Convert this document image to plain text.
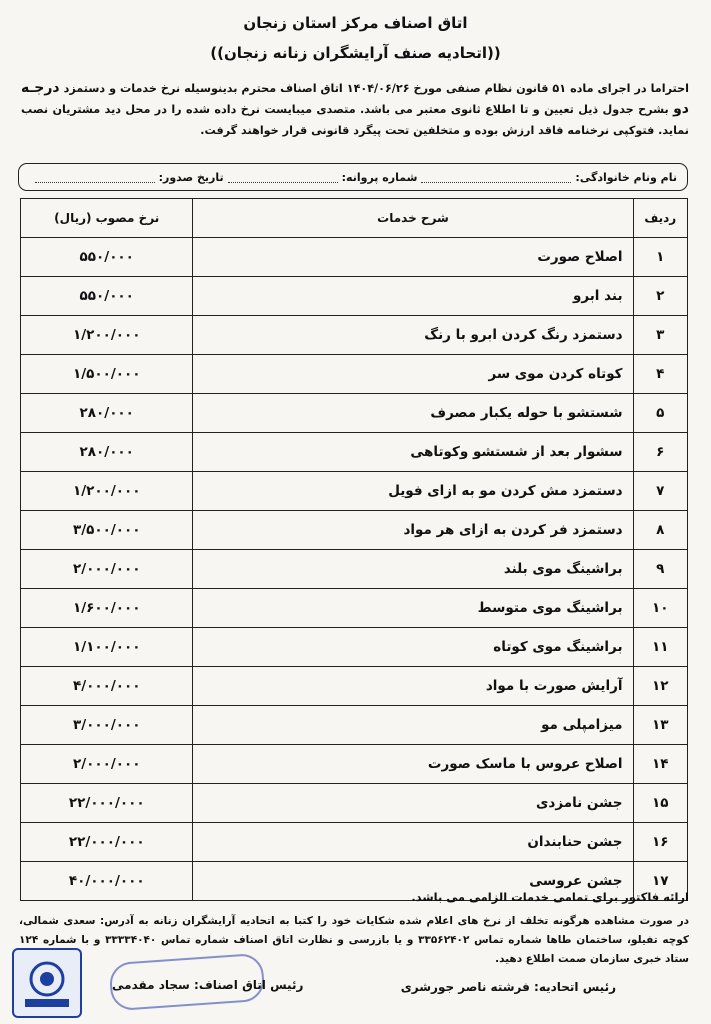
اتاق اصناف مرکز استان زنجان
((اتحادیه صنف آرایشگران زنانه زنجان))
احتراما در اجرای ماده ۵۱ قانون نظام صنفی مورخ ۱۴۰۴/۰۶/۲۶ اتاق اصناف محترم بدینوسیله نرخ خدمات و دستمزد درجـه دو بشرح جدول ذیل تعیین و تا اطلاع ثانوی معتبر می باشد. متصدی میبایست نرخ داده شده را در محل دید مشتریان نصب نماید. فتوکپی نرخنامه فاقد ارزش بوده و متخلفین تحت پیگرد قانونی قرار خواهند گرفت.
نام ونام خانوادگی:
شماره پروانه:
تاریخ صدور:
ردیف	شرح خدمات	نرخ مصوب (ریال)
۱	اصلاح صورت	۵۵۰/۰۰۰
۲	بند ابرو	۵۵۰/۰۰۰
۳	دستمزد رنگ کردن ابرو با رنگ	۱/۲۰۰/۰۰۰
۴	کوتاه کردن موی سر	۱/۵۰۰/۰۰۰
۵	شستشو با حوله یکبار مصرف	۲۸۰/۰۰۰
۶	سشوار بعد از شستشو وکوتاهی	۲۸۰/۰۰۰
۷	دستمزد مش کردن مو به ازای فویل	۱/۲۰۰/۰۰۰
۸	دستمزد فر کردن به ازای هر مواد	۳/۵۰۰/۰۰۰
۹	براشینگ موی بلند	۲/۰۰۰/۰۰۰
۱۰	براشینگ موی متوسط	۱/۶۰۰/۰۰۰
۱۱	براشینگ موی کوتاه	۱/۱۰۰/۰۰۰
۱۲	آرایش صورت با مواد	۴/۰۰۰/۰۰۰
۱۳	میزامپلی مو	۳/۰۰۰/۰۰۰
۱۴	اصلاح عروس با ماسک صورت	۲/۰۰۰/۰۰۰
۱۵	جشن نامزدی	۲۲/۰۰۰/۰۰۰
۱۶	جشن حنابندان	۲۲/۰۰۰/۰۰۰
۱۷	جشن عروسی	۴۰/۰۰۰/۰۰۰
ارائه فاکتور برای تمامی خدمات الزامی می باشد.
در صورت مشاهده هرگونه تخلف از نرخ های اعلام شده شکایات خود را کتبا به اتحادیه آرایشگران زنانه به آدرس: سعدی شمالی، کوچه تفیلو، ساختمان طاها شماره تماس ۳۳۵۶۲۴۰۲ و یا بازرسی و نظارت اتاق اصناف شماره تماس ۳۳۳۳۴۰۴۰ و با شماره ۱۲۴ ستاد خبری سازمان صمت اطلاع دهید.
رئیس اتحادیه: فرشته ناصر جورشری
رئیس اتاق اصناف: سجاد مقدمی
